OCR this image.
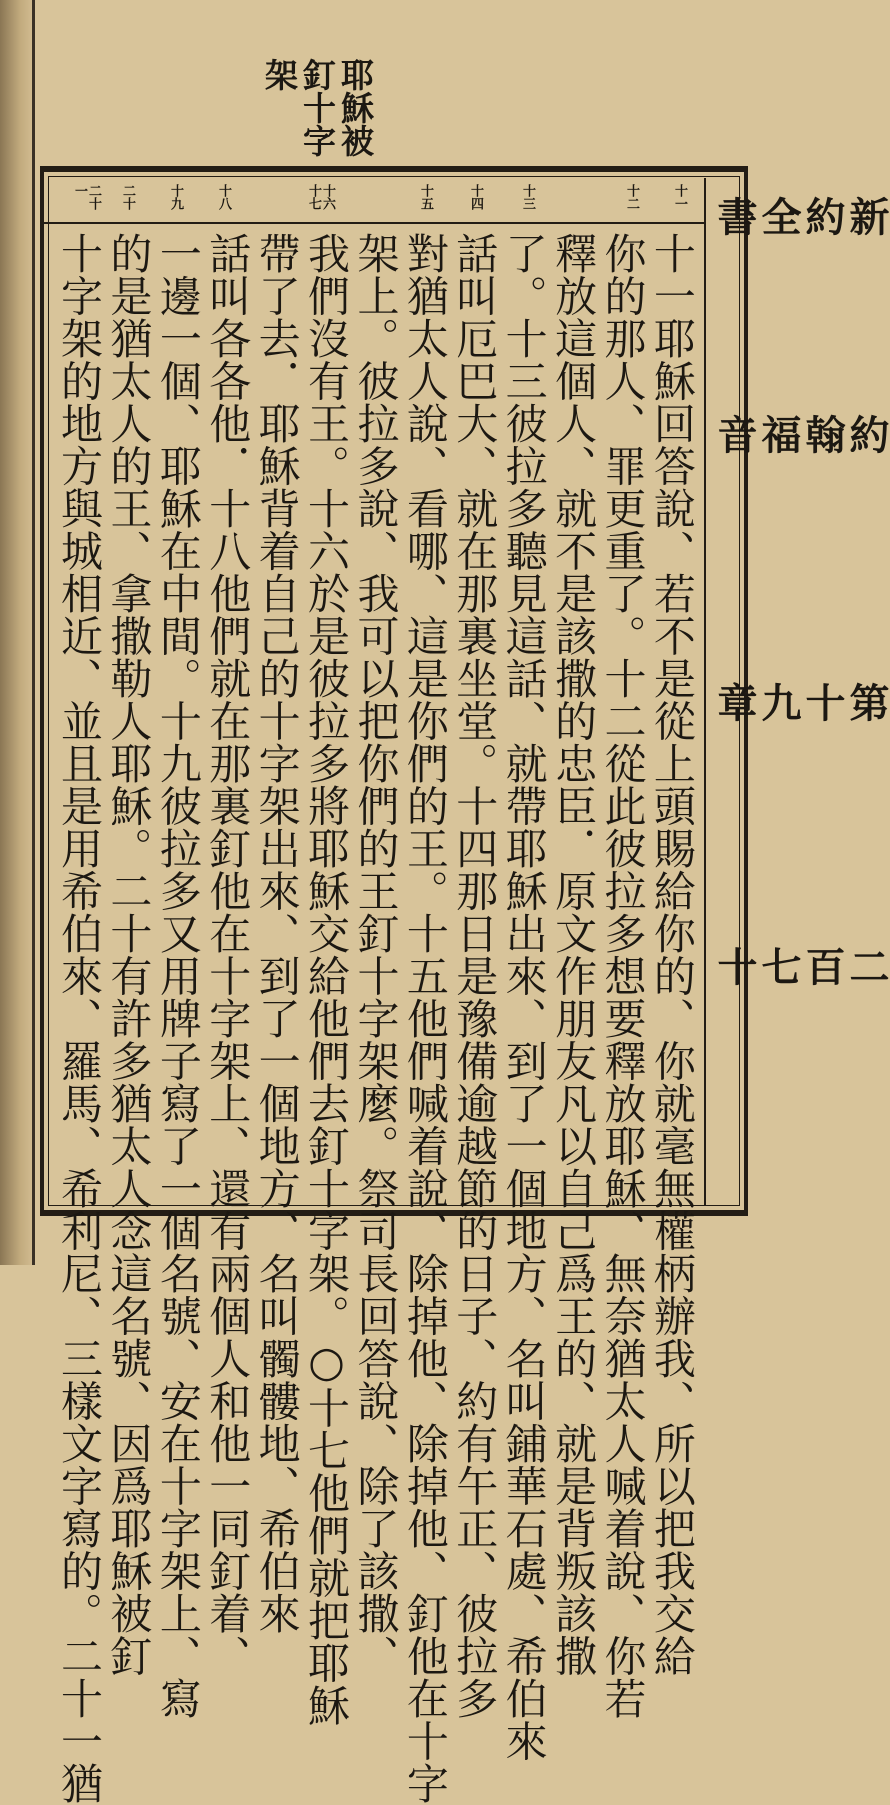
耶穌被
釘十字
架
十一
十二
十三
十四
十五
十六十七
十八
十九
二十
二十一
新約全書
約翰福音
第十九章
二百七十
十一耶穌回答說、若不是從上頭賜給你的、你就毫無權柄辦我、所以把我交給
你的那人、罪更重了。十二從此彼拉多想要釋放耶穌、無奈猶太人喊着說、你若
釋放這個人、就不是該撒的忠臣．原文作朋友凡以自己爲王的、就是背叛該撒
了。十三彼拉多聽見這話、就帶耶穌出來、到了一個地方、名叫鋪華石處、希伯來
話叫厄巴大、就在那裏坐堂。十四那日是豫備逾越節的日子、約有午正、彼拉多
對猶太人說、看哪、這是你們的王。十五他們喊着說、除掉他、除掉他、釘他在十字
架上。彼拉多說、我可以把你們的王釘十字架麼。祭司長回答說、除了該撒、
我們沒有王。十六於是彼拉多將耶穌交給他們去釘十字架。○十七他們就把耶穌
帶了去．耶穌背着自己的十字架出來、到了一個地方、名叫髑髏地、希伯來
話叫各各他．十八他們就在那裏釘他在十字架上、還有兩個人和他一同釘着、
一邊一個、耶穌在中間。十九彼拉多又用牌子寫了一個名號、安在十字架上、寫
的是猶太人的王、拿撒勒人耶穌。二十有許多猶太人念這名號、因爲耶穌被釘
十字架的地方與城相近、並且是用希伯來、羅馬、希利尼、三樣文字寫的。二十一猶
